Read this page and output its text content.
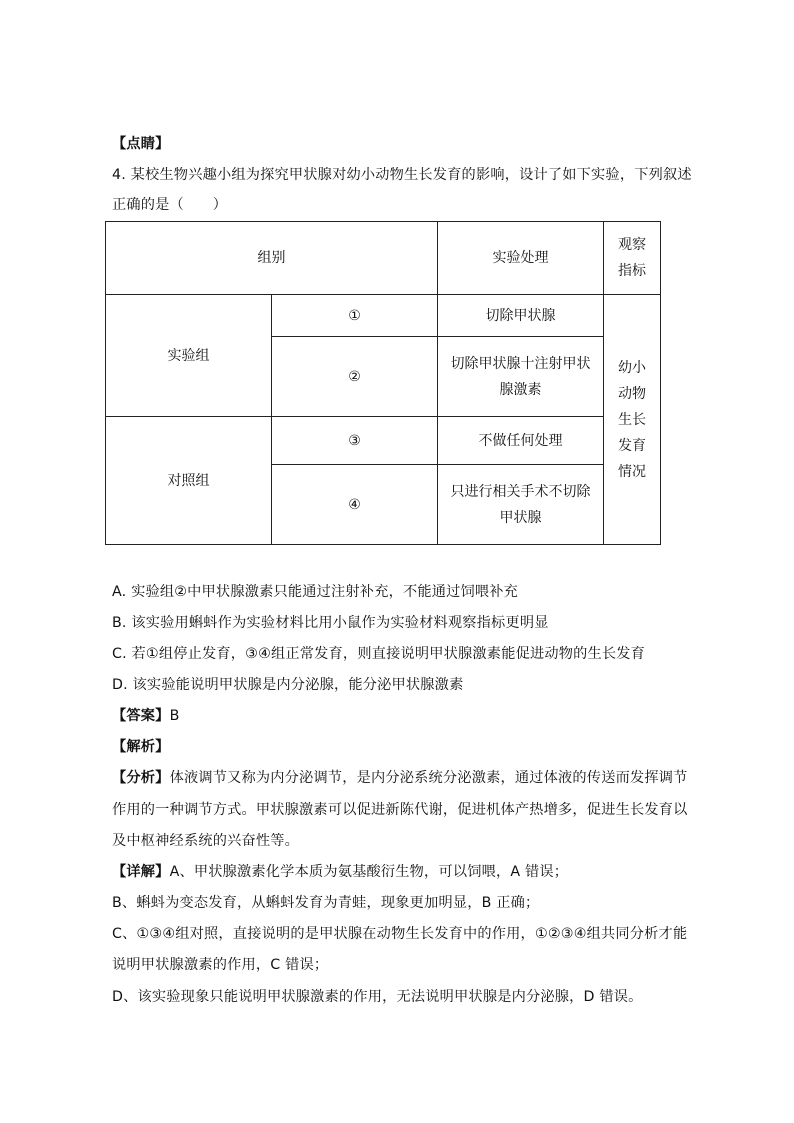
【点睛】
4. 某校生物兴趣小组为探究甲状腺对幼小动物生长发育的影响，设计了如下实验，下列叙述
正确的是（　　）
组别		实验处理	观察指标
实验组	①	切除甲状腺	幼小动物生长发育情况
	②	切除甲状腺十注射甲状腺激素	
对照组	③	不做任何处理	
	④	只进行相关手术不切除甲状腺	
A. 实验组②中甲状腺激素只能通过注射补充，不能通过饲喂补充
B. 该实验用蝌蚪作为实验材料比用小鼠作为实验材料观察指标更明显
C. 若①组停止发育，③④组正常发育，则直接说明甲状腺激素能促进动物的生长发育
D. 该实验能说明甲状腺是内分泌腺，能分泌甲状腺激素
【答案】B
【解析】
【分析】体液调节又称为内分泌调节，是内分泌系统分泌激素，通过体液的传送而发挥调节
作用的一种调节方式。甲状腺激素可以促进新陈代谢，促进机体产热增多，促进生长发育以
及中枢神经系统的兴奋性等。
【详解】A、甲状腺激素化学本质为氨基酸衍生物，可以饲喂，A 错误；
B、蝌蚪为变态发育，从蝌蚪发育为青蛙，现象更加明显，B 正确；
C、①③④组对照，直接说明的是甲状腺在动物生长发育中的作用，①②③④组共同分析才能
说明甲状腺激素的作用，C 错误；
D、该实验现象只能说明甲状腺激素的作用，无法说明甲状腺是内分泌腺，D 错误。
